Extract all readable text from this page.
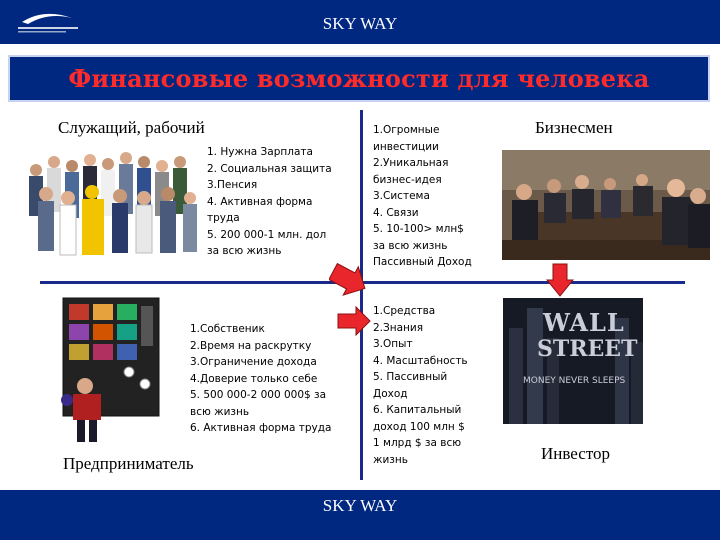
SKY WAY
Финансовые возможности для человека
Служащий, рабочий
1. Нужна Зарплата
2. Социальная защита
3.Пенсия
4. Активная форма
труда
5. 200 000-1 млн. дол
за всю жизнь
1.Огромные
инвестиции
2.Уникальная
бизнес-идея
3.Система
4. Связи
5. 10-100> млн$
за всю жизнь
Пассивный Доход
Бизнесмен
1.Собственик
2.Время на раскрутку
3.Ограничение дохода
4.Доверие только себе
5. 500 000-2 000 000$ за
всю жизнь
6. Активная форма труда
Предприниматель
1.Средства
2.Знания
3.Опыт
4. Масштабность
5. Пассивный
Доход
6. Капитальный
доход 100 млн $
1 млрд $ за всю
жизнь
WALL
STREET
MONEY NEVER SLEEPS
Инвестор
SKY WAY
